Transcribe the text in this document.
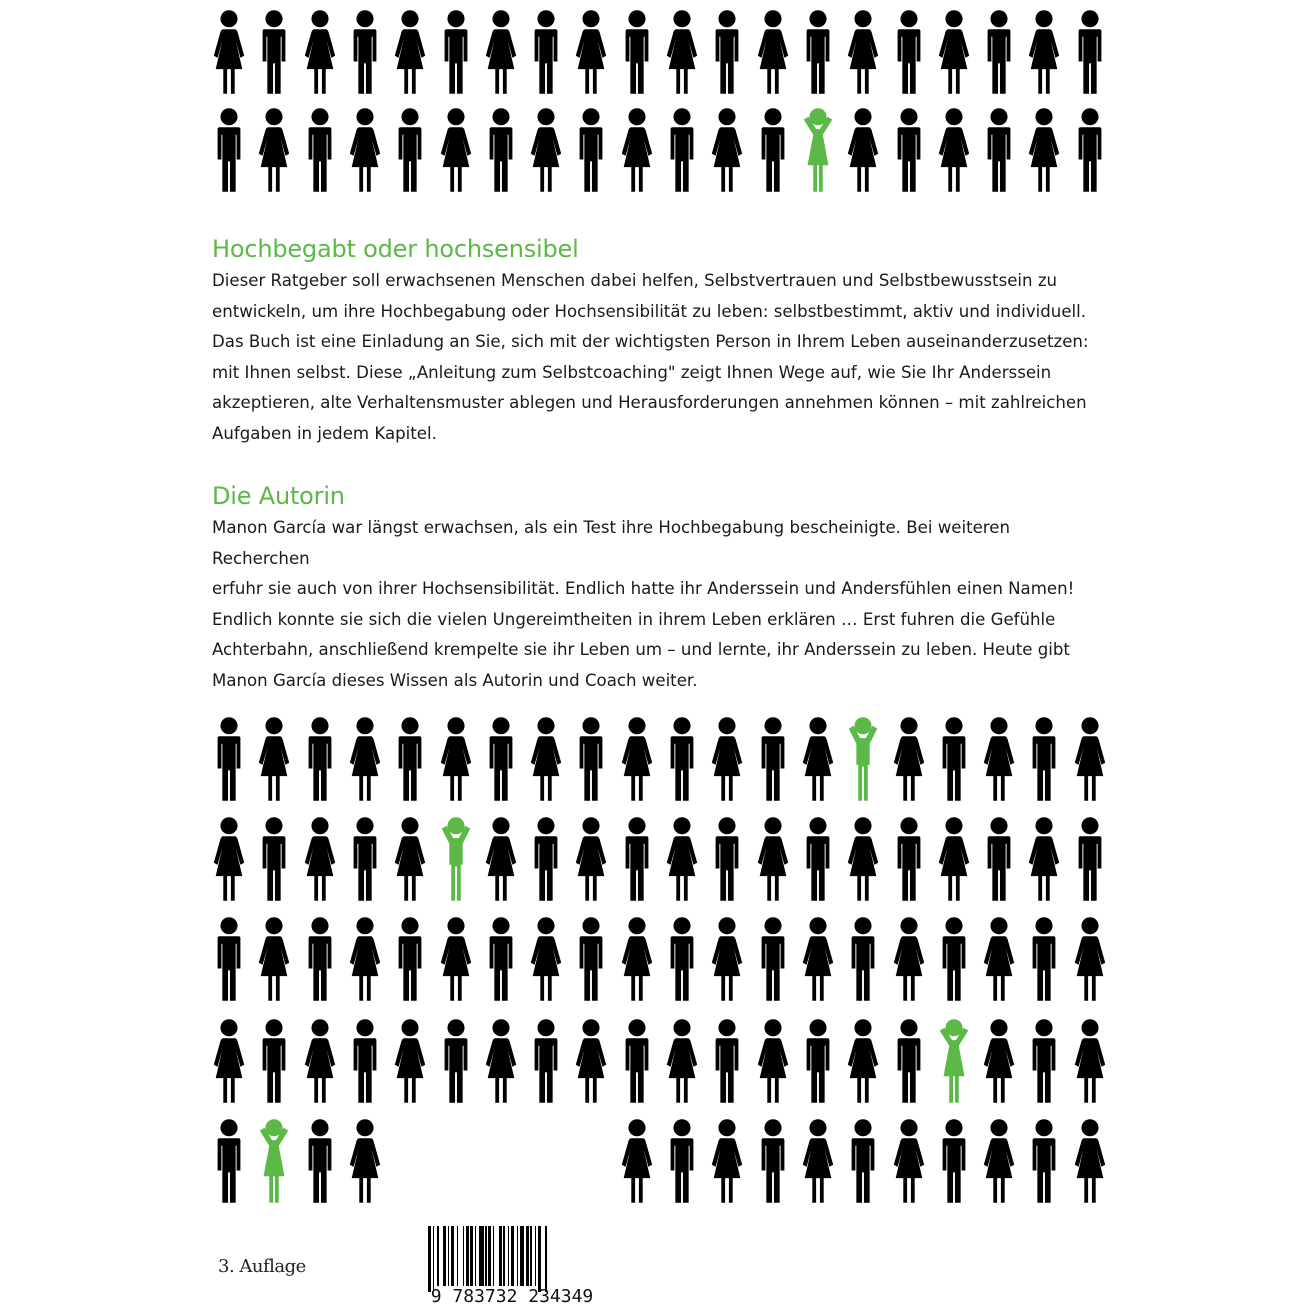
Hochbegabt oder hochsensibel

Dieser Ratgeber soll erwachsenen Menschen dabei helfen, Selbstvertrauen und Selbstbewusstsein zu
entwickeln, um ihre Hochbegabung oder Hochsensibilität zu leben: selbstbestimmt, aktiv und individuell.
Das Buch ist eine Einladung an Sie, sich mit der wichtigsten Person in Ihrem Leben auseinanderzusetzen:
mit Ihnen selbst. Diese „Anleitung zum Selbstcoaching" zeigt Ihnen Wege auf, wie Sie Ihr Anderssein
akzeptieren, alte Verhaltensmuster ablegen und Herausforderungen annehmen können – mit zahlreichen
Aufgaben in jedem Kapitel.

Die Autorin

Manon García war längst erwachsen, als ein Test ihre Hochbegabung bescheinigte. Bei weiteren Recherchen
erfuhr sie auch von ihrer Hochsensibilität. Endlich hatte ihr Anderssein und Andersfühlen einen Namen!
Endlich konnte sie sich die vielen Ungereimtheiten in ihrem Leben erklären … Erst fuhren die Gefühle
Achterbahn, anschließend krempelte sie ihr Leben um – und lernte, ihr Anderssein zu leben. Heute gibt
Manon García dieses Wissen als Autorin und Coach weiter.

3. Auflage
9 783732 234349
